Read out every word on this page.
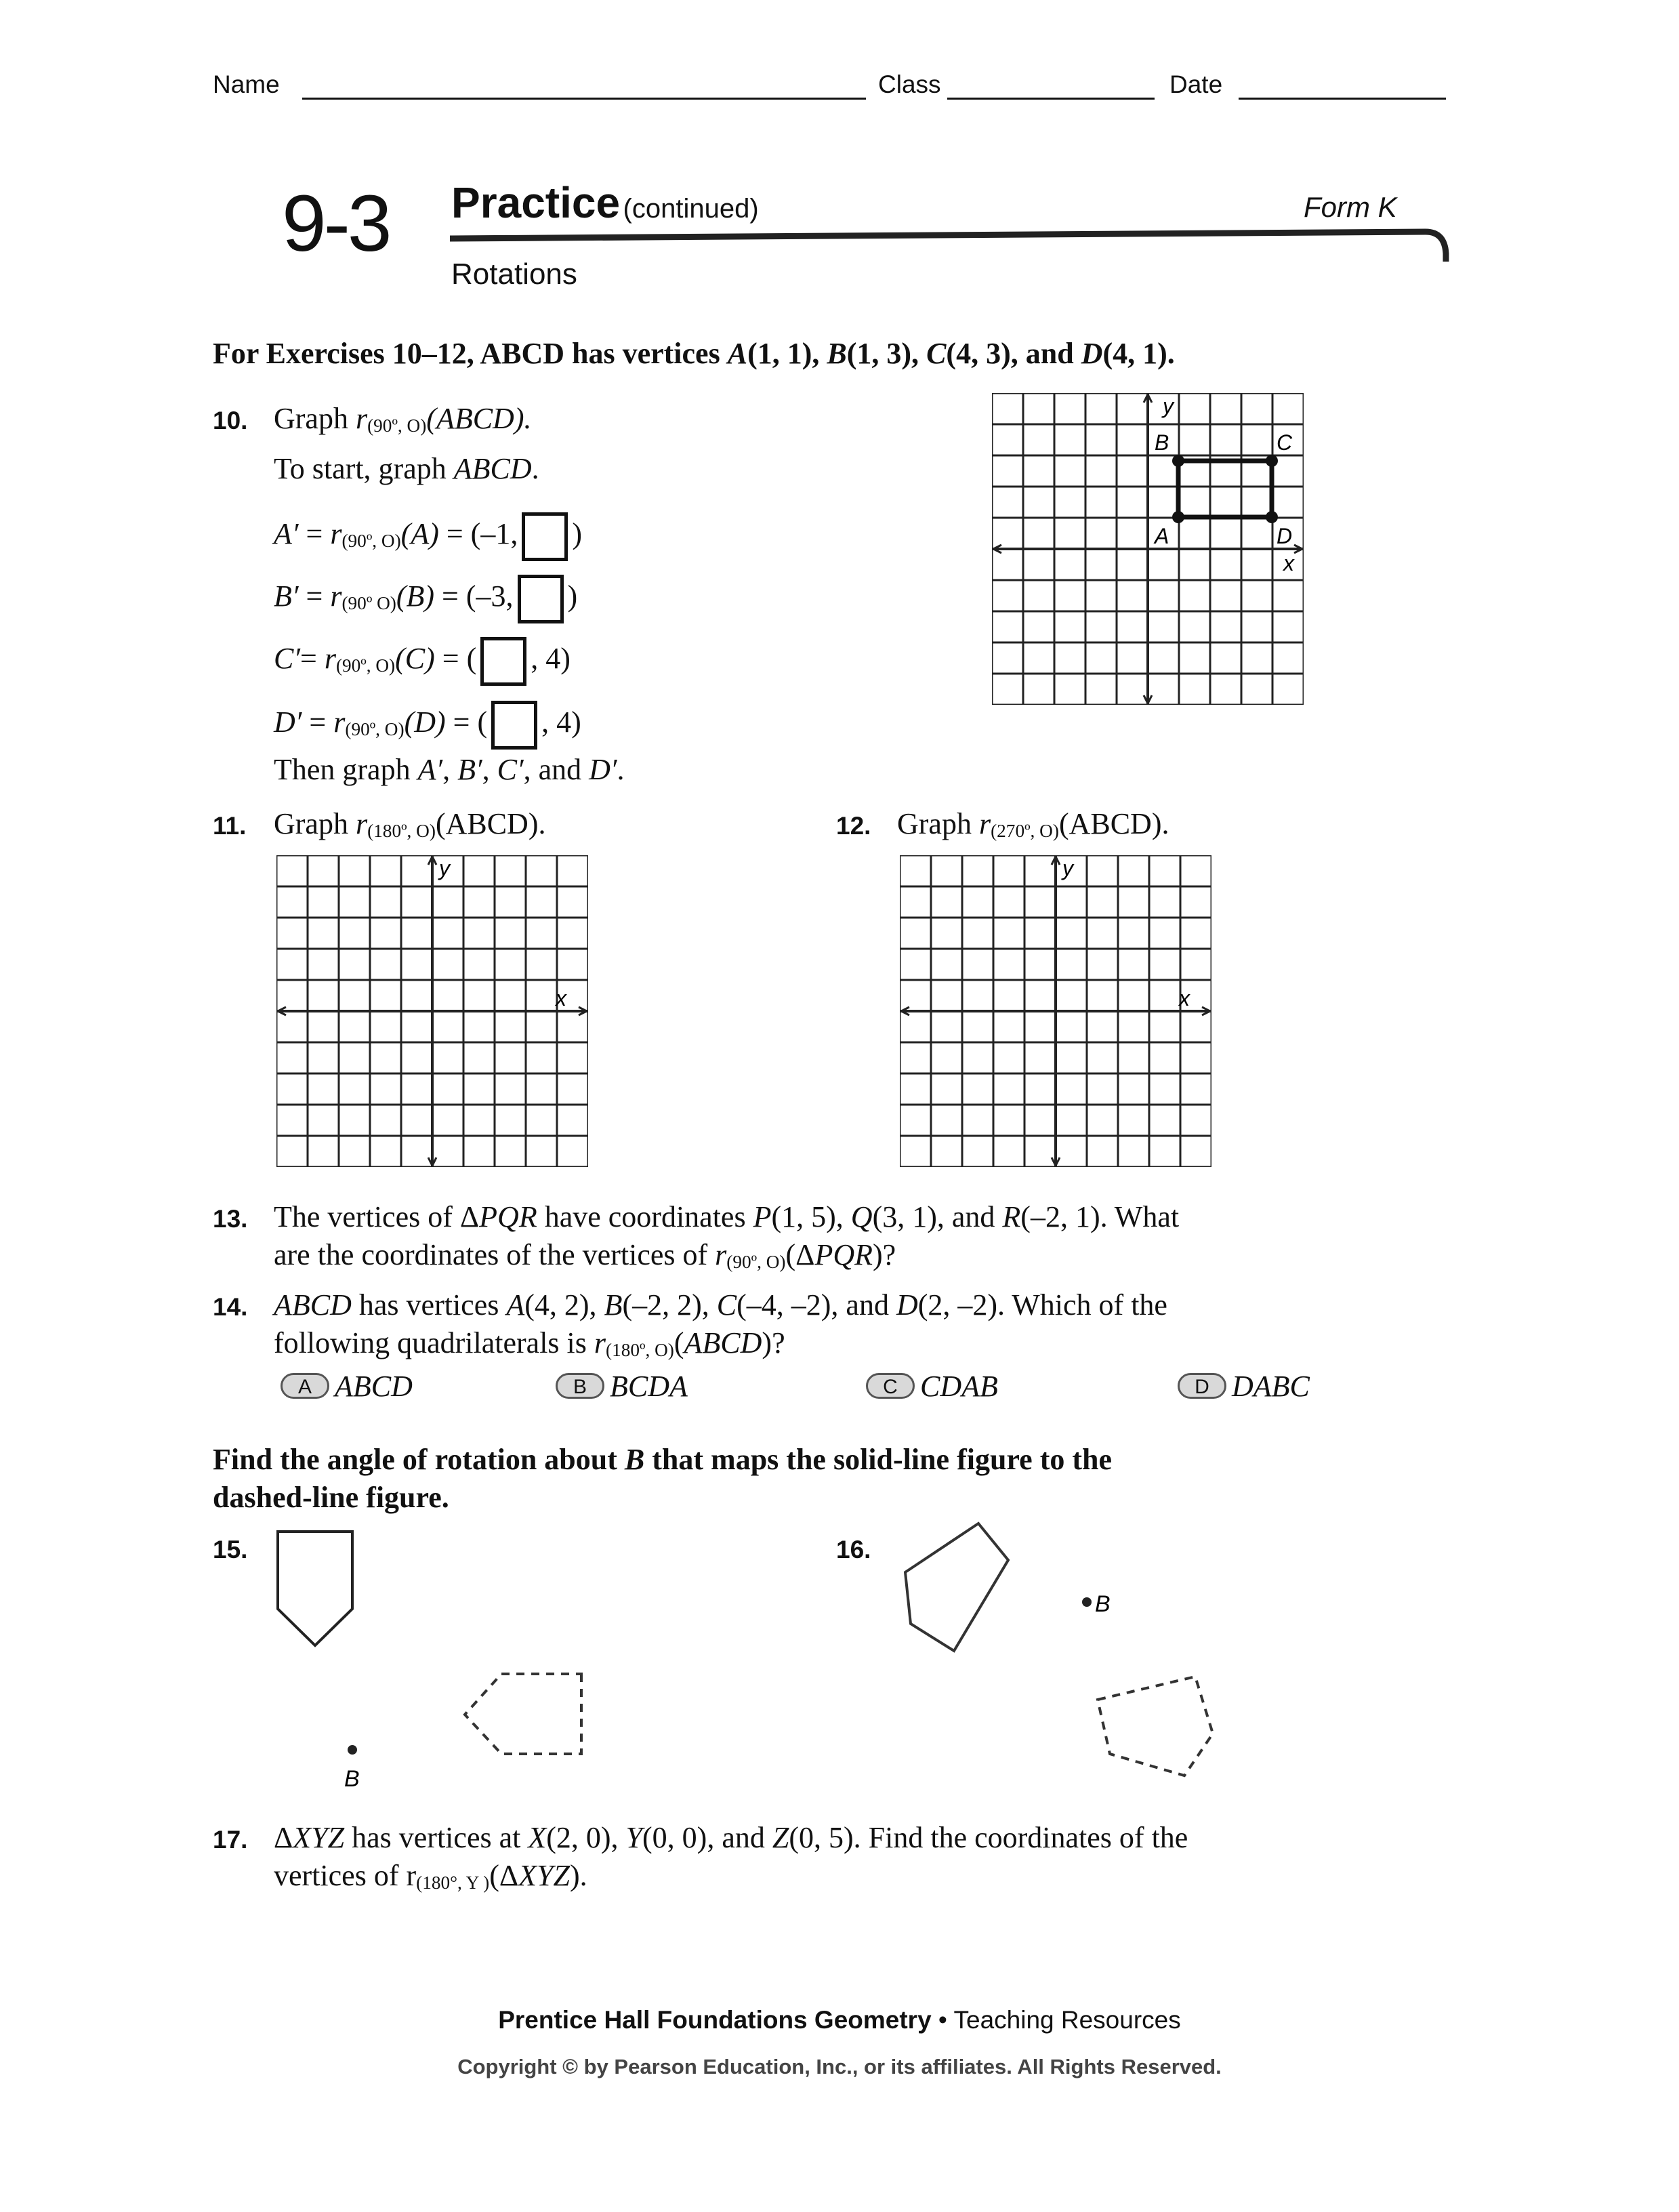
Name	Class	Date
9-3 Practice (continued)	Form K
Rotations
For Exercises 10–12, ABCD has vertices A(1, 1), B(1, 3), C(4, 3), and D(4, 1).
10. Graph $r_{(90º, O)}(ABCD)$.
To start, graph ABCD.
$A' = r_{(90º, O)}(A) = (-1$, )
$B' = r_{(90º O)}(B) = (-3$, )
$C'= r_{(90º, O)}(C)$ = ( , 4)
$D' = r_{(90º, O)}(D)$ = ( , 4)
Then graph A′, B′, C′, and D′.
y
x
B	C
A	D
11. Graph $r_{(180º, O)}(ABCD)$.
y
x
12. Graph $r_{(270º, O)}(ABCD)$.
y
x
13. The vertices of ΔPQR have coordinates P(1, 5), Q(3, 1), and R(–2, 1). What
are the coordinates of the vertices of $r_{(90º, O)}(\Delta PQR)$?
14. ABCD has vertices A(4, 2), B(–2, 2), C(–4, –2), and D(2, –2). Which of the
following quadrilaterals is $r_{(180º, O)}(ABCD)$?
A ABCD	B BCDA	C CDAB	D DABC
Find the angle of rotation about B that maps the solid-line figure to the
dashed-line figure.
15.
B
16.
B
17. ΔXYZ has vertices at X(2, 0), Y(0, 0), and Z(0, 5). Find the coordinates of the
vertices of $r_{(180^\circ, Y )}(\Delta XYZ)$.
Prentice Hall Foundations Geometry • Teaching Resources
Copyright © by Pearson Education, Inc., or its affiliates. All Rights Reserved.
